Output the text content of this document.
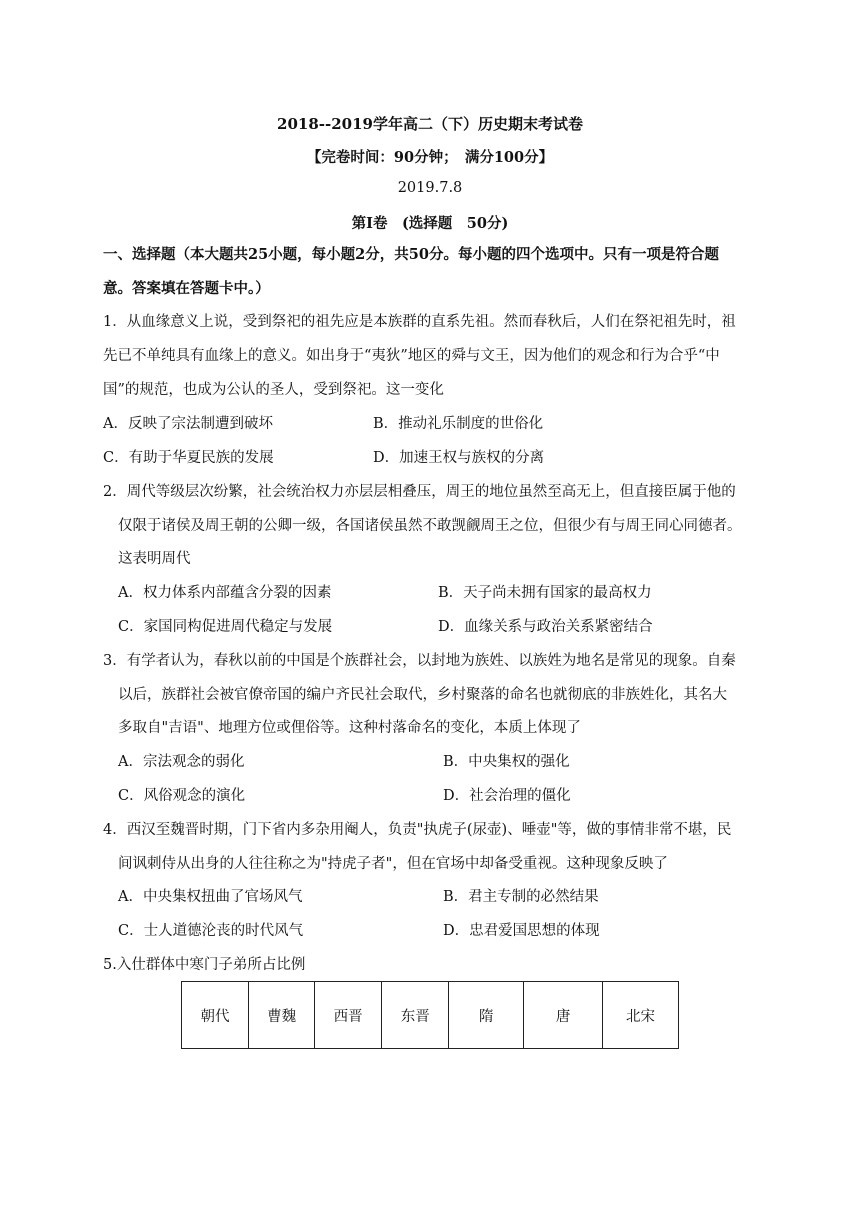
2018--2019学年高二（下）历史期末考试卷
【完卷时间：90分钟；　满分100分】
2019.7.8
第Ⅰ卷　(选择题　50分)
一、选择题（本大题共25小题，每小题2分，共50分。每小题的四个选项中。只有一项是符合题
意。答案填在答题卡中。）
1．从血缘意义上说，受到祭祀的祖先应是本族群的直系先祖。然而春秋后，人们在祭祀祖先时，祖
先已不单纯具有血缘上的意义。如出身于“夷狄”地区的舜与文王，因为他们的观念和行为合乎“中
国”的规范，也成为公认的圣人，受到祭祀。这一变化
A．反映了宗法制遭到破坏	B．推动礼乐制度的世俗化
C．有助于华夏民族的发展	D．加速王权与族权的分离
2．周代等级层次纷繁，社会统治权力亦层层相叠压，周王的地位虽然至高无上，但直接臣属于他的
仅限于诸侯及周王朝的公卿一级，各国诸侯虽然不敢觊觎周王之位，但很少有与周王同心同德者。
这表明周代
A．权力体系内部蕴含分裂的因素	B．天子尚未拥有国家的最高权力
C．家国同构促进周代稳定与发展	D．血缘关系与政治关系紧密结合
3．有学者认为，春秋以前的中国是个族群社会，以封地为族姓、以族姓为地名是常见的现象。自秦
以后，族群社会被官僚帝国的编户齐民社会取代，乡村聚落的命名也就彻底的非族姓化，其名大
多取自"吉语"、地理方位或俚俗等。这种村落命名的变化，本质上体现了
A．宗法观念的弱化	B．中央集权的强化
C．风俗观念的演化	D．社会治理的僵化
4．西汉至魏晋时期，门下省内多杂用阉人，负责"执虎子(尿壶)、唾壶"等，做的事情非常不堪，民
间讽刺侍从出身的人往往称之为"持虎子者"，但在官场中却备受重视。这种现象反映了
A．中央集权扭曲了官场风气	B．君主专制的必然结果
C．士人道德沦丧的时代风气	D．忠君爱国思想的体现
5.入仕群体中寒门子弟所占比例
朝代	曹魏	西晋	东晋	隋	唐	北宋
